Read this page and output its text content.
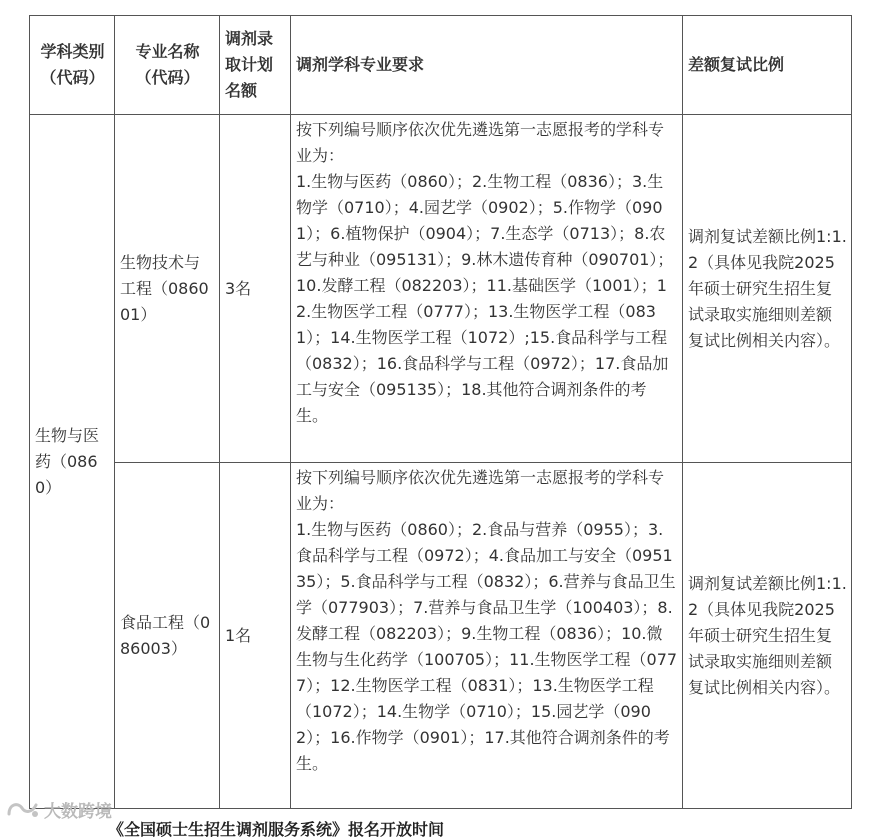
学科类别（代码）	专业名称（代码）	调剂录取计划名额	调剂学科专业要求	差额复试比例
生物与医药（0860）	生物技术与工程（086001）	3名	按下列编号顺序依次优先遴选第一志愿报考的学科专业为：
1.生物与医药（0860）；2.生物工程（0836）；3.生物学（0710）；4.园艺学（0902）；5.作物学（0901）；6.植物保护（0904）；7.生态学（0713）；8.农艺与种业（095131）；9.林木遗传育种（090701）；10.发酵工程（082203）；11.基础医学（1001）；12.生物医学工程（0777）；13.生物医学工程（0831）；14.生物医学工程（1072）;15.食品科学与工程（0832）；16.食品科学与工程（0972）；17.食品加工与安全（095135）；18.其他符合调剂条件的考生。	调剂复试差额比例1:1.2（具体见我院2025年硕士研究生招生复试录取实施细则差额复试比例相关内容）。
	食品工程（086003）	1名	按下列编号顺序依次优先遴选第一志愿报考的学科专业为：
1.生物与医药（0860）；2.食品与营养（0955）；3.食品科学与工程（0972）；4.食品加工与安全（095135）；5.食品科学与工程（0832）；6.营养与食品卫生学（077903）；7.营养与食品卫生学（100403）；8.发酵工程（082203）；9.生物工程（0836）；10.微生物与生化药学（100705）；11.生物医学工程（0777）；12.生物医学工程（0831）；13.生物医学工程（1072）；14.生物学（0710）；15.园艺学（0902）；16.作物学（0901）；17.其他符合调剂条件的考生。	调剂复试差额比例1:1.2（具体见我院2025年硕士研究生招生复试录取实施细则差额复试比例相关内容）。
大数跨境
《全国硕士生招生调剂服务系统》报名开放时间
